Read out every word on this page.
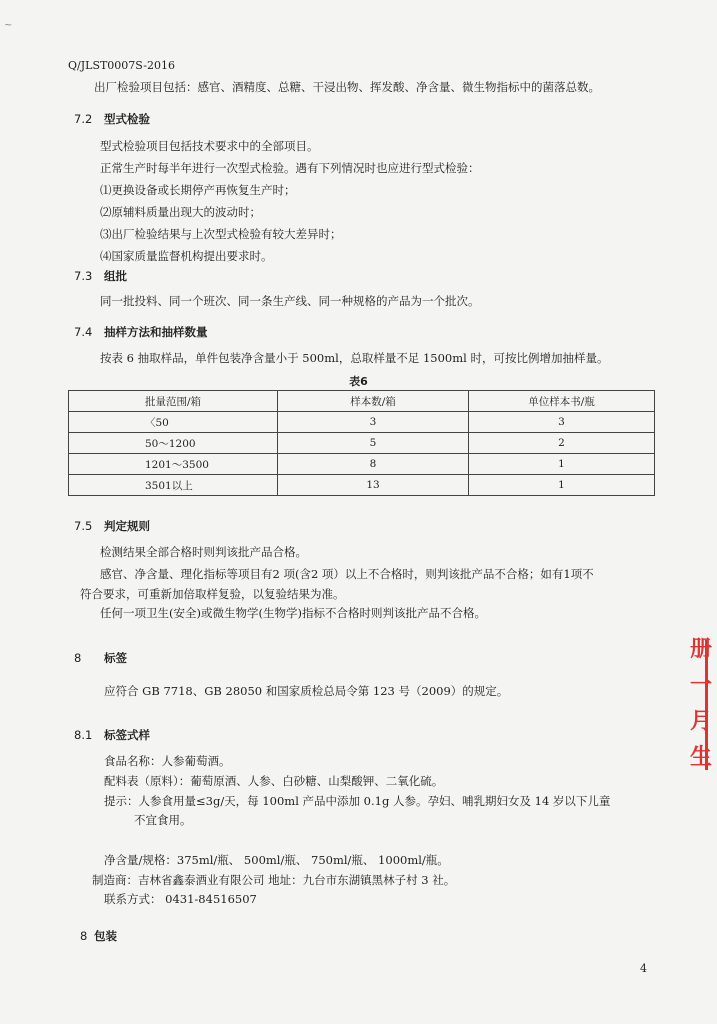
~
Q/JLST0007S-2016
出厂检验项目包括：感官、酒精度、总糖、干浸出物、挥发酸、净含量、微生物指标中的菌落总数。
7.2 型式检验
型式检验项目包括技术要求中的全部项目。
正常生产时每半年进行一次型式检验。遇有下列情况时也应进行型式检验：
⑴更换设备或长期停产再恢复生产时；
⑵原辅料质量出现大的波动时；
⑶出厂检验结果与上次型式检验有较大差异时；
⑷国家质量监督机构提出要求时。
7.3 组批
同一批投料、同一个班次、同一条生产线、同一种规格的产品为一个批次。
7.4 抽样方法和抽样数量
按表 6 抽取样品，单件包装净含量小于 500ml，总取样量不足 1500ml 时，可按比例增加抽样量。
表6
批量范围/箱	样本数/箱	单位样本书/瓶
〈50	3	3
50～1200	5	2
1201～3500	8	1
3501以上	13	1
7.5 判定规则
检测结果全部合格时则判该批产品合格。
感官、净含量、理化指标等项目有2 项(含2 项）以上不合格时，则判该批产品不合格；如有1项不
符合要求，可重新加倍取样复验，以复验结果为准。
任何一项卫生(安全)或微生物学(生物学)指标不合格时则判该批产品不合格。
8 标签
应符合 GB 7718、GB 28050 和国家质检总局令第 123 号（2009）的规定。
8.1 标签式样
食品名称：人参葡萄酒。
配料表（原料）：葡萄原酒、人参、白砂糖、山梨酸钾、二氧化硫。
提示：人参食用量≤3g/天，每 100ml 产品中添加 0.1g 人参。孕妇、哺乳期妇女及 14 岁以下儿童
不宜食用。
净含量/规格：375ml/瓶、 500ml/瓶、 750ml/瓶、 1000ml/瓶。
制造商：吉林省鑫泰酒业有限公司 地址：九台市东湖镇黑林子村 3 社。
联系方式： 0431-84516507
8 包装
册
一
月
生
4
